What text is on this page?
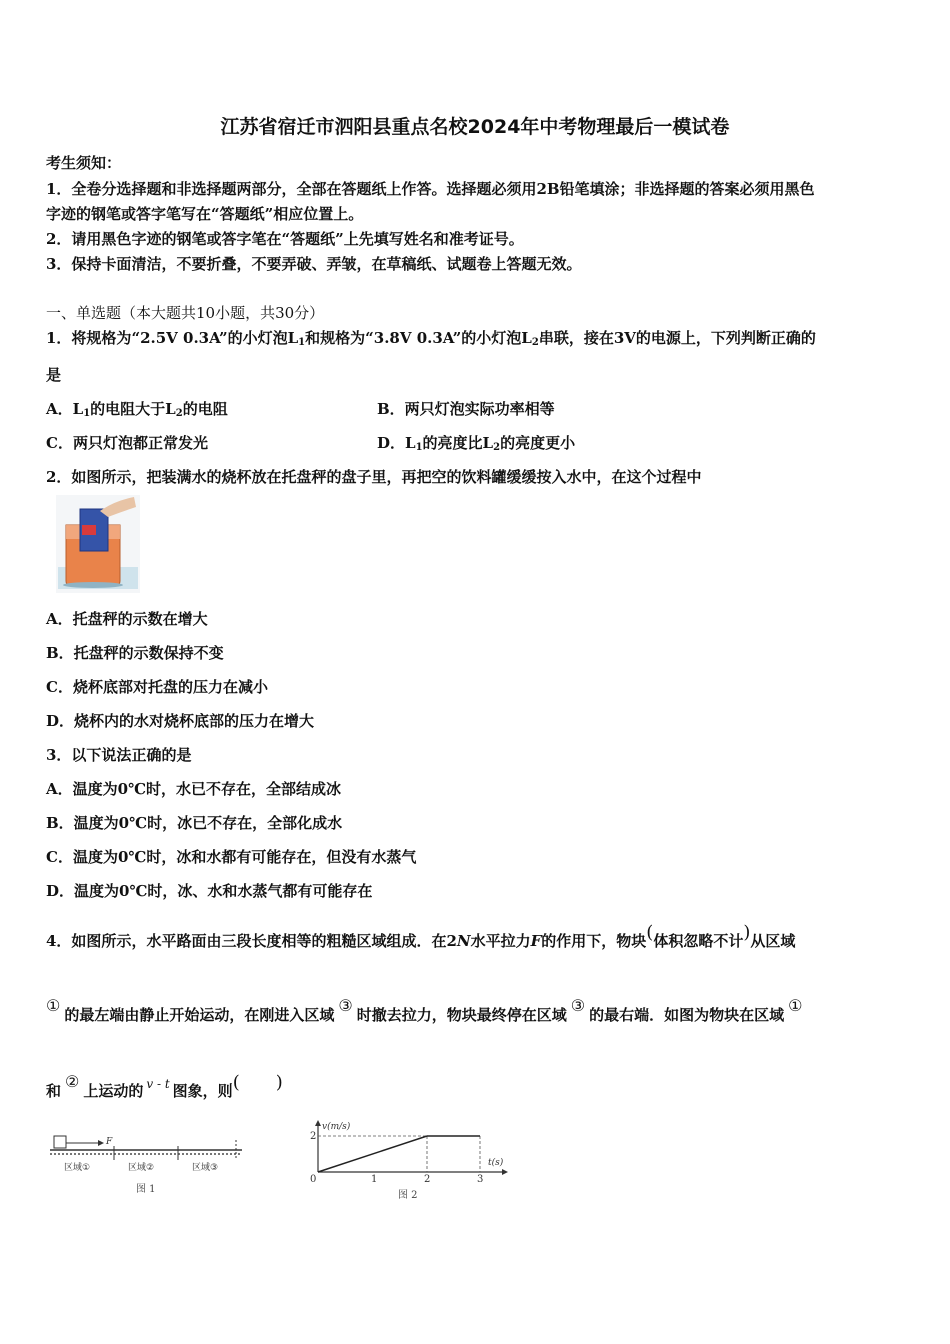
江苏省宿迁市泗阳县重点名校2024年中考物理最后一模试卷
考生须知：
1．全卷分选择题和非选择题两部分，全部在答题纸上作答。选择题必须用2B铅笔填涂；非选择题的答案必须用黑色
字迹的钢笔或答字笔写在“答题纸”相应位置上。
2．请用黑色字迹的钢笔或答字笔在“答题纸”上先填写姓名和准考证号。
3．保持卡面清洁，不要折叠，不要弄破、弄皱，在草稿纸、试题卷上答题无效。
一、单选题（本大题共10小题，共30分）
1．将规格为“2.5V 0.3A”的小灯泡$L_1$和规格为“3.8V 0.3A”的小灯泡$L_2$串联，接在3V的电源上，下列判断正确的
是
A．$L_1$的电阻大于$L_2$的电阻	B．两只灯泡实际功率相等
C．两只灯泡都正常发光	D．$L_1$的亮度比$L_2$的亮度更小
2．如图所示，把装满水的烧杯放在托盘秤的盘子里，再把空的饮料罐缓缓按入水中，在这个过程中
A．托盘秤的示数在增大
B．托盘秤的示数保持不变
C．烧杯底部对托盘的压力在减小
D．烧杯内的水对烧杯底部的压力在增大
3．以下说法正确的是
A．温度为0℃时，水已不存在，全部结成冰
B．温度为0℃时，冰已不存在，全部化成水
C．温度为0℃时，冰和水都有可能存在，但没有水蒸气
D．温度为0℃时，冰、水和水蒸气都有可能存在
4．如图所示，水平路面由三段长度相等的粗糙区域组成．在2N水平拉力F的作用下，物块(体积忽略不计)从区域
① 的最左端由静止开始运动，在刚进入区域 ③ 时撤去拉力，物块最终停在区域 ③ 的最右端．如图为物块在区域 ①
和 ② 上运动的 $^{v - t}$ 图象，则( )
F
区域①	区域②	区域③
图 1
v(m/s)
t(s)
2
0	1	2	3
图 2
